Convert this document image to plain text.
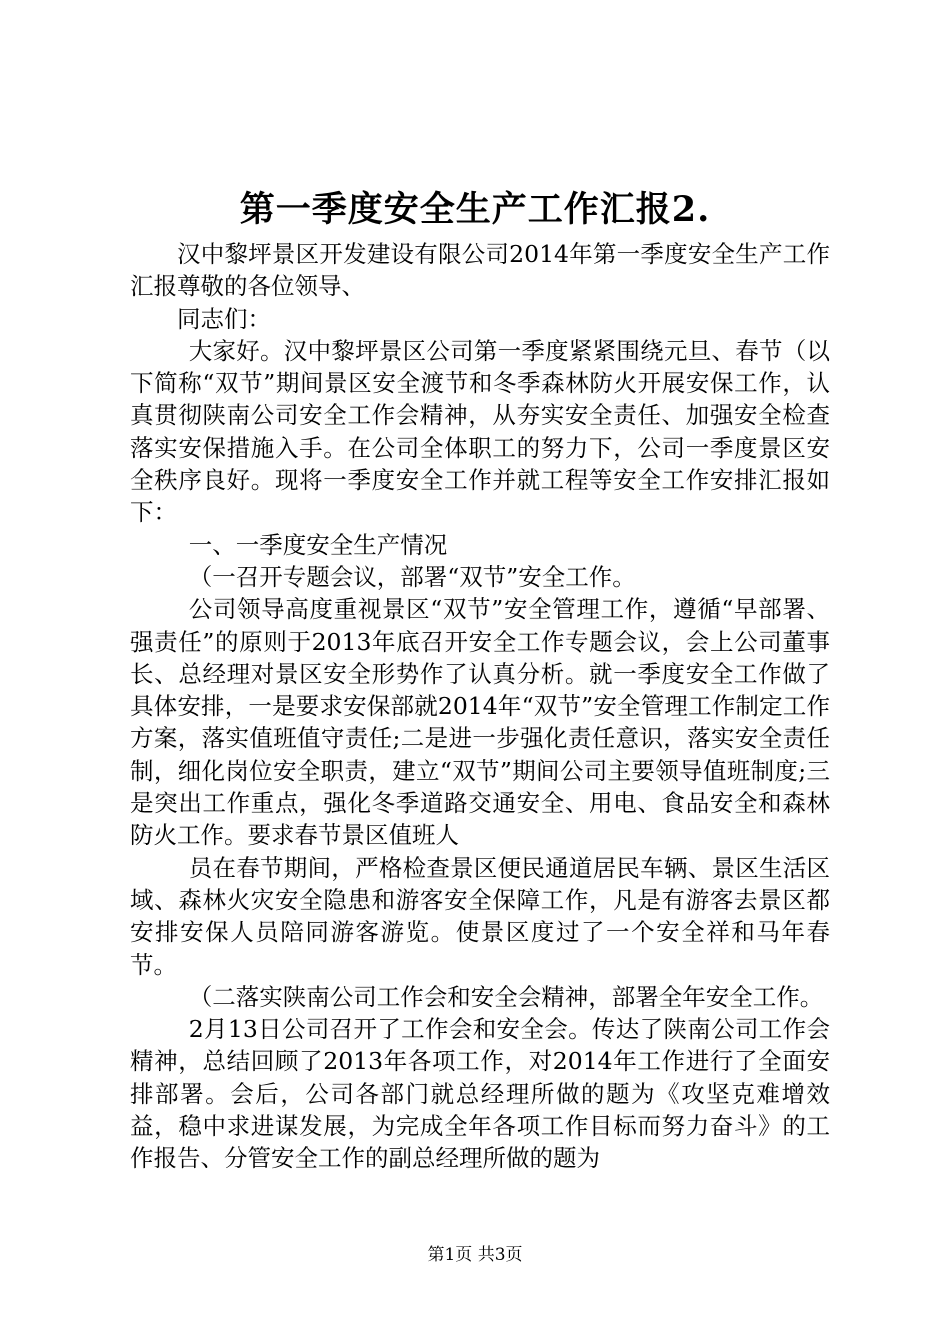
第一季度安全生产工作汇报2.

汉中黎坪景区开发建设有限公司2014年第一季度安全生产工作汇报尊敬的各位领导、

同志们：

大家好。汉中黎坪景区公司第一季度紧紧围绕元旦、春节（以下简称“双节”期间景区安全渡节和冬季森林防火开展安保工作，认真贯彻陕南公司安全工作会精神，从夯实安全责任、加强安全检查落实安保措施入手。在公司全体职工的努力下，公司一季度景区安全秩序良好。现将一季度安全工作并就工程等安全工作安排汇报如下：

一、一季度安全生产情况

（一召开专题会议，部署“双节”安全工作。

公司领导高度重视景区“双节”安全管理工作，遵循“早部署、强责任”的原则于2013年底召开安全工作专题会议，会上公司董事长、总经理对景区安全形势作了认真分析。就一季度安全工作做了具体安排，一是要求安保部就2014年“双节”安全管理工作制定工作方案，落实值班值守责任;二是进一步强化责任意识，落实安全责任制，细化岗位安全职责，建立“双节”期间公司主要领导值班制度;三是突出工作重点，强化冬季道路交通安全、用电、食品安全和森林防火工作。要求春节景区值班人

员在春节期间，严格检查景区便民通道居民车辆、景区生活区域、森林火灾安全隐患和游客安全保障工作，凡是有游客去景区都安排安保人员陪同游客游览。使景区度过了一个安全祥和马年春节。

（二落实陕南公司工作会和安全会精神，部署全年安全工作。

2月13日公司召开了工作会和安全会。传达了陕南公司工作会精神，总结回顾了2013年各项工作，对2014年工作进行了全面安排部署。会后，公司各部门就总经理所做的题为《攻坚克难增效益，稳中求进谋发展，为完成全年各项工作目标而努力奋斗》的工作报告、分管安全工作的副总经理所做的题为

第1页 共3页
